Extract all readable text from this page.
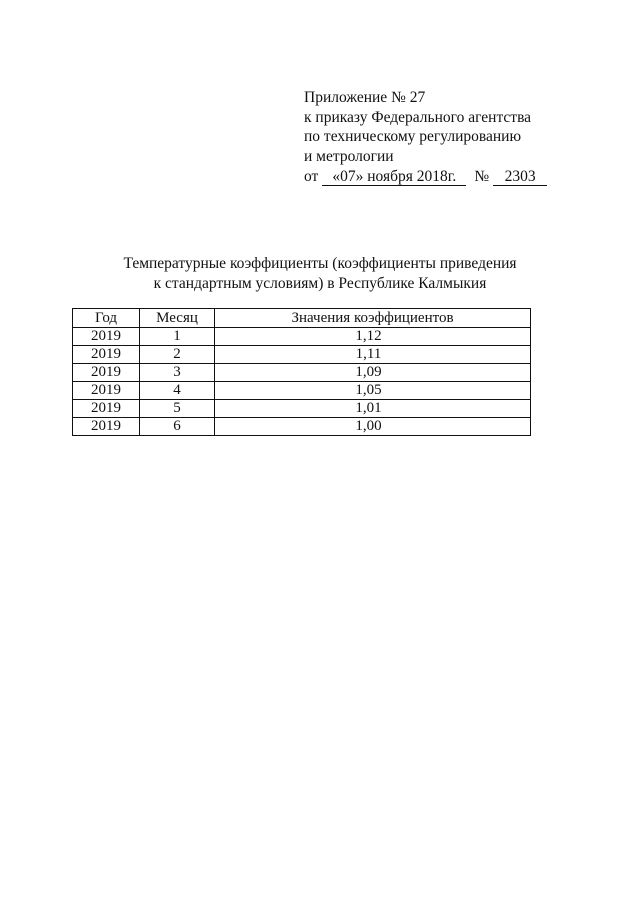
Приложение № 27
к приказу Федерального агентства
по техническому регулированию
и метрологии
от «07» ноября 2018г. № 2303
Температурные коэффициенты (коэффициенты приведения
к стандартным условиям) в Республике Калмыкия
Год	Месяц	Значения коэффициентов
2019	1	1,12
2019	2	1,11
2019	3	1,09
2019	4	1,05
2019	5	1,01
2019	6	1,00
